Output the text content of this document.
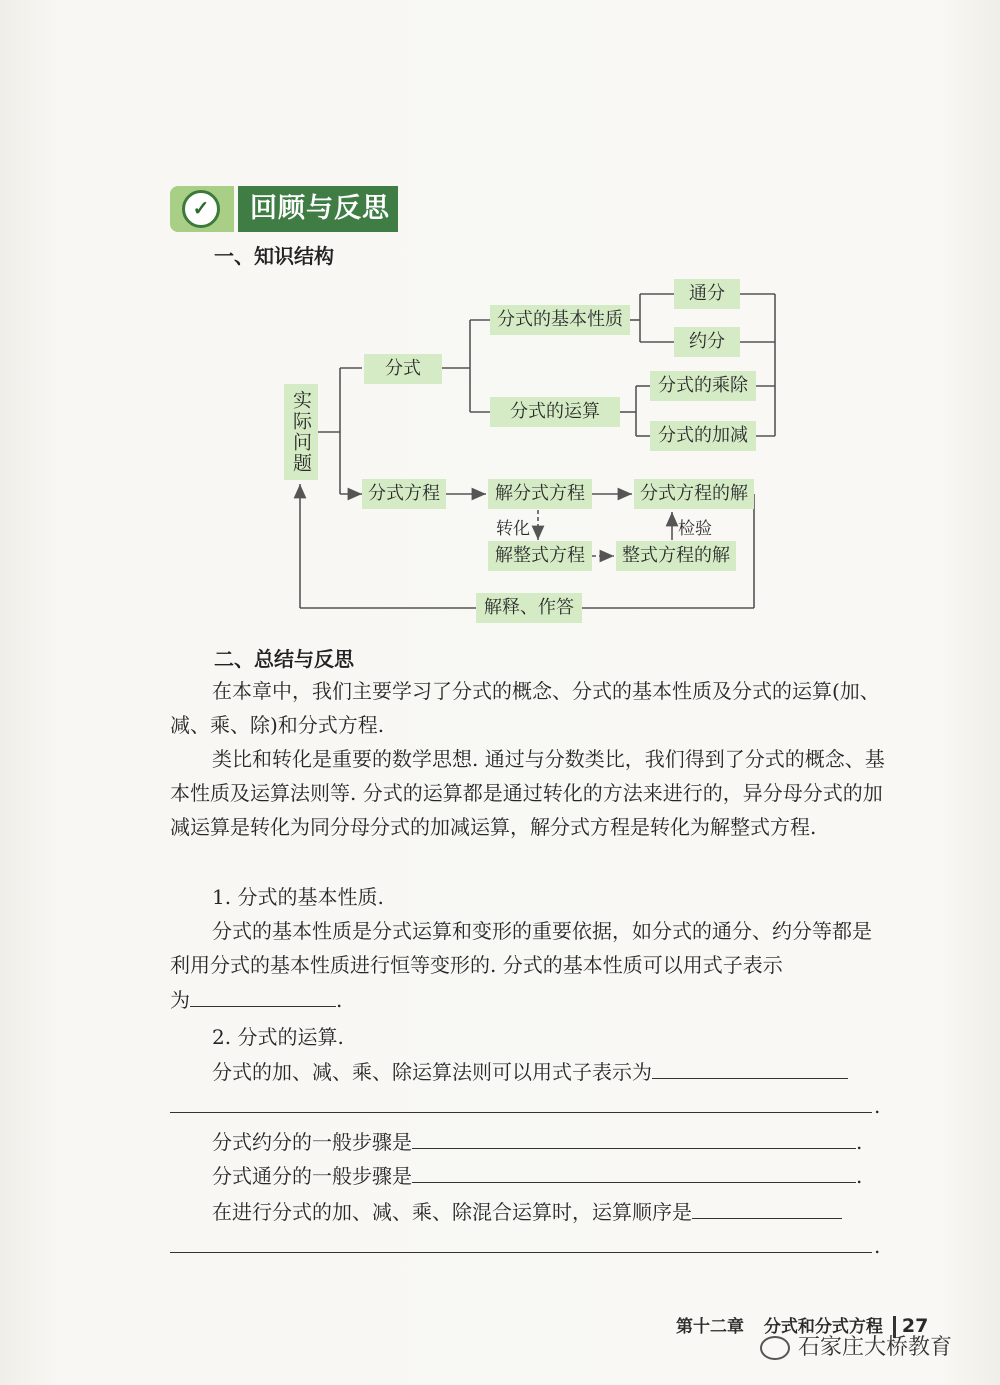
✓	回顾与反思
一、知识结构
实际问题
分式
分式的基本性质
通分
约分
分式的运算
分式的乘除
分式的加减
分式方程	解分式方程	分式方程的解
转化	检验
解整式方程	整式方程的解
解释、作答
二、总结与反思

在本章中，我们主要学习了分式的概念、分式的基本性质及分式的运算(加、减、乘、除)和分式方程.

类比和转化是重要的数学思想. 通过与分数类比，我们得到了分式的概念、基本性质及运算法则等. 分式的运算都是通过转化的方法来进行的，异分母分式的加减运算是转化为同分母分式的加减运算，解分式方程是转化为解整式方程.

1. 分式的基本性质.

分式的基本性质是分式运算和变形的重要依据，如分式的通分、约分等都是利用分式的基本性质进行恒等变形的. 分式的基本性质可以用式子表示

为	.

2. 分式的运算.

分式的加、减、乘、除运算法则可以用式子表示为

.

分式约分的一般步骤是	.

分式通分的一般步骤是	.

在进行分式的加、减、乘、除混合运算时，运算顺序是

.
第十二章 分式和分式方程 27
石家庄大桥教育
